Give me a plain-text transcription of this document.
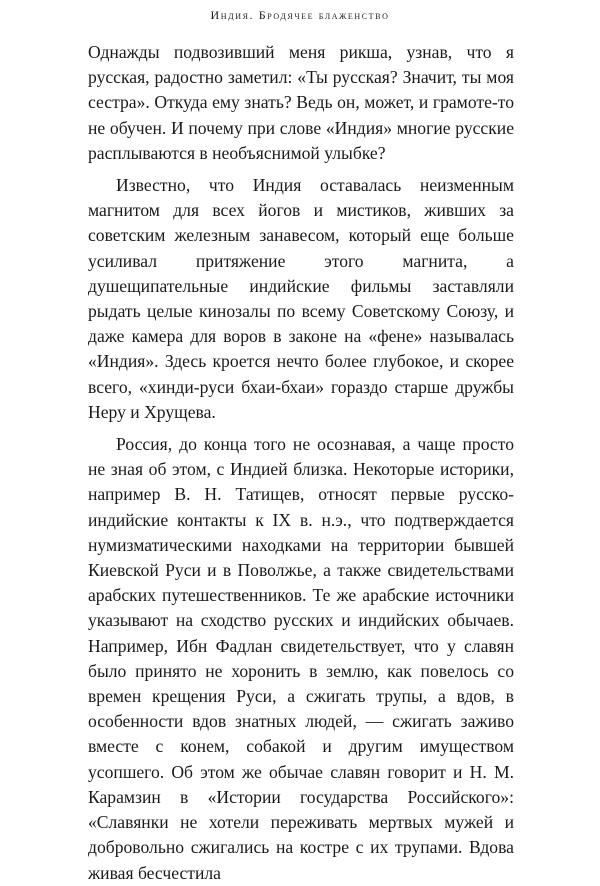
Индия. Бродячее блаженство

Однажды подвозивший меня рикша, узнав, что я русская, радостно заметил: «Ты русская? Значит, ты моя сестра». Откуда ему знать? Ведь он, может, и грамоте-то не обучен. И почему при слове «Индия» многие русские расплываются в необъяснимой улыбке?

Известно, что Индия оставалась неизменным магнитом для всех йогов и мистиков, живших за советским железным занавесом, который еще больше усиливал притяжение этого магнита, а душещипательные индийские фильмы заставляли рыдать целые кинозалы по всему Советскому Союзу, и даже камера для воров в законе на «фене» называлась «Индия». Здесь кроется нечто более глубокое, и скорее всего, «хинди-руси бхаи-бхаи» гораздо старше дружбы Неру и Хрущева.

Россия, до конца того не осознавая, а чаще просто не зная об этом, с Индией близка. Некоторые историки, например В. Н. Татищев, относят первые русско-индийские контакты к IX в. н.э., что подтверждается нумизматическими находками на территории бывшей Киевской Руси и в Поволжье, а также свидетельствами арабских путешественников. Те же арабские источники указывают на сходство русских и индийских обычаев. Например, Ибн Фадлан свидетельствует, что у славян было принято не хоронить в землю, как повелось со времен крещения Руси, а сжигать трупы, а вдов, в особенности вдов знатных людей, — сжигать заживо вместе с конем, собакой и другим имуществом усопшего. Об этом же обычае славян говорит и Н. М. Карамзин в «Истории государства Российского»: «Славянки не хотели переживать мертвых мужей и добровольно сжигались на костре с их трупами. Вдова живая бесчестила
